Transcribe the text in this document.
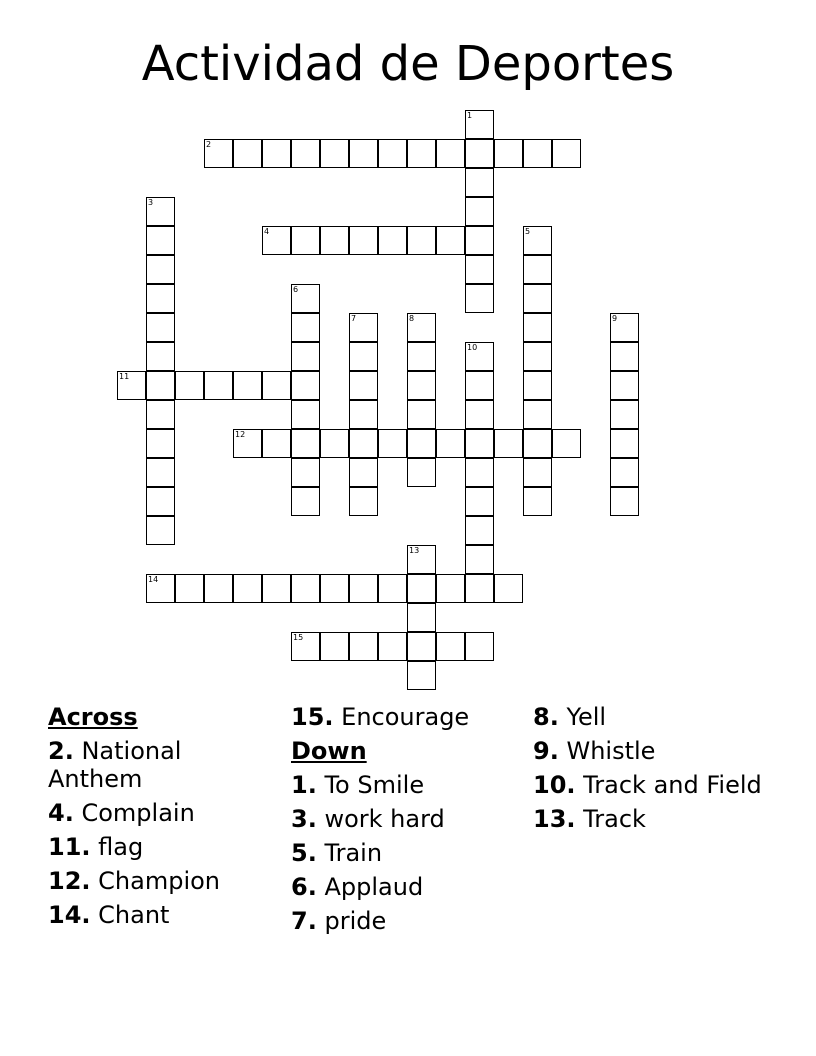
Actividad de Deportes
2
4
11
12
14
15
1
3
5
6
7	8	9
10
13
Across
2. National Anthem
4. Complain
11. flag
12. Champion
14. Chant
15. Encourage
Down
1. To Smile
3. work hard
5. Train
6. Applaud
7. pride
8. Yell
9. Whistle
10. Track and Field
13. Track
